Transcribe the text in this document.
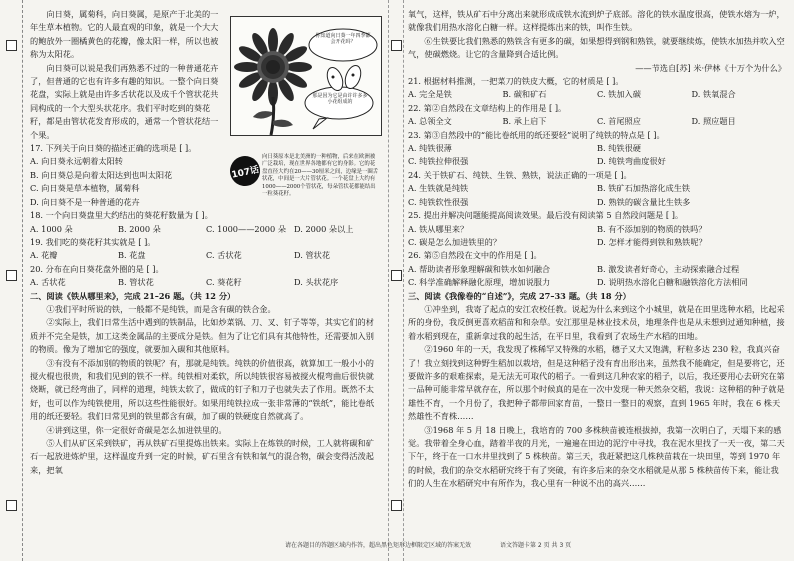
向日葵，属菊科，向日葵属，是原产于北美的一年生草本植物。它的人最直观的印象，就是一个大大的鲍放外一圈橘黄色的花瓣，像太阳一样，所以也被称为太阳花。

向日葵可以说是我们再熟悉不过的一种普通花卉了，但普通的它也有许多有趣的知识。一整个向日葵花盘，实际上就是由许多舌状花以及成千个管状花共同构成的一个大型头状花序。我们平时吃到的葵花籽，都是由管状花发育形成的，通常一个管状花结一个果。

17. 下列关于向日葵的描述正确的选项是 [ ]。

A. 向日葵永远朝着太阳转

B. 向日葵总是向着太阳达到也叫太阳花

C. 向日葵是草本植物，属菊科

D. 向日葵不是一种普通的花卉

18. 一个向日葵盘里大约结出的葵花籽数量为 [ ]。

A. 1000 朵	B. 2000 朵	C. 1000——2000 朵 D. 2000 朵以上

19. 我们吃的葵花籽其实就是 [ ]。

A. 花瓣	B. 花盘	C. 舌状花	D. 管状花

20. 分布在向日葵花盘外圈的是 [ ]。

A. 舌状花	B. 管状花	C. 葵花籽	D. 头状花序

二、阅读《铁从哪里来》，完成 21–26 题。（共 12 分）

①我们平时所说的铁，一般都不是纯铁，而是含有碳的铁合金。

②实际上，我们日常生活中遇到的铁制品，比如炒菜锅、刀、叉、钉子等等，其实它们的材质并不完全是铁，加工这类金属品的主要成分是铁。但为了让它们具有其他特性，还需要加入别的物质。像为了增加它的强度，就要加入碳和其他原料。

③有没有不添加别的物质的铁呢？有，那就是纯铁。纯铁的价值很高，就算加工一般小小的搅火棍也很贵，和我们见到的铁不一样。纯铁相对柔软，所以纯铁很容易被搅火棍弯曲后很快就烧断，就已经弯曲了，同样的道理，纯铁太软了，做成的钉子和刀子也就失去了作用。既然不太好，也可以作为纯铁使用，所以这些性能很好。如果用纯铁拉成一张非常薄的“铁纸”，能比卷纸用的纸还要轻。我们日常见到的铁里都含有碳，加了碳的铁硬度自然就高了。

④讲到这里，你一定很好奇碳是怎么加进铁里的。

⑤人们从矿区采到铁矿，再从铁矿石里提炼出铁来。实际上在炼铁的时候，工人就将碳和矿石一起放进炼炉里，这样温度升到一定的时候，矿石里含有铁和氧气的混合物，碳会变得活泼起来，把氧

你知道向日葵一年四季都会开花吗？
那是因为它是由许许多多小花组成的
107话
向日葵原本是北美洲的一种植物，后来在欧洲被广泛栽培，现在世界各地都有它的身影。它的花盘直径大约在20——30厘米之间，边缘是一圈舌状花，中间是一大片管状花。一个花盘上大约有1000——2000个管状花，每朵管状花都能结出一粒葵花籽。

氧气，这样，铁从矿石中分离出来就形成成铁水流到炉子底部。溶化的铁水温度很高，使铁水熔为一炉，就像我们用热水溶化白糖一样。这样提炼出来的铁，叫作生铁。

⑥生铁要比我们熟悉的熟铁含有更多的碳，如果想得到钢和熟铁，就要继续炼，使铁水加热并吹入空气，使碳燃烧。让它的含量降到合适比例。

——节选自[苏] 米·伊林《十万个为什么》

21. 根据材料推测，一把菜刀的铁皮大概，它的材质是 [ ]。

A. 完全是铁	B. 碳和矿石	C. 铁加入碳	D. 铁氧混合

22. 第②自然段在文章结构上的作用是 [ ]。

A. 总领全文	B. 承上启下	C. 首尾照应	D. 照应题目

23. 第③自然段中的“能比卷纸用的纸还要轻”说明了纯铁的特点是 [ ]。

A. 纯铁很薄	B. 纯铁很硬
C. 纯铁拉伸很强	D. 纯铁弯曲度很好

24. 关于铁矿石、纯铁、生铁、熟铁，说法正确的一项是 [ ]。

A. 生铁就是纯铁	B. 铁矿石加热溶化成生铁
C. 纯铁软性很强	D. 熟铁的碳含量比生铁多

25. 提出并解决问题能提高阅读效果。最后没有阅读第 5 自然段问题是 [ ]。

A. 铁从哪里来？	B. 有不添加别的物质的铁吗？
C. 碳是怎么加进铁里的？	D. 怎样才能得到铁和熟铁呢？

26. 第⑤自然段在文中的作用是 [ ]。

A. 帮助读者形象理解碳和铁水如何融合	B. 激发读者好奇心，主动探索融合过程
C. 科学准确解释融化原理，增加说服力	D. 说明热水溶化白糖和融铁溶化方法相同

三、阅读《我像卷的“自述”》，完成 27–33 题。（共 18 分）

①冲坐到，我寄了起点的安江农校任教。说起为什么来到这个小城里，就是在田里选种水稻，比起采所的身份，我反倒更喜欢稻苗和和杂草。安江那里是林业技术员，地理条件也是从未想到过通知种植，接着水稻到现在，重新拿过我的起生活，在平日里，我看到了农场生产水稻的田地。

②1960 年的一天，我发现了株稀罕又特殊的水稻，穗子又大又饱满，籽粒多达 230 粒，我真兴奋了！我立刻找到这种野生稻加以栽培，但是这种稻子没有育出形出来，虽然我不能确定，但是要将它，还要做许多的艰难探索，是无法无可取代的稻子。一看到这几种农家的稻子，以后，我还要用心去研究在第一品种可能非常早就存在，所以那个时候真的是在一次中发现一种天然杂交稻，我说：这种稻的种子就是雄性不育，一个月份了，我把种子都带回家育苗，一整日一整日的观察，直到 1965 年时，我在 6 株天然雄性不育株……

③1968 年 5 月 18 日晚上，我培育的 700 多株秧苗被连根拔掉，我第一次明白了，天塌下来的感觉。我带着全身心血，踏着半夜的月光，一遍遍在田边的泥泞中寻找，我在泥水里找了一天一夜，第二天下午，终于在一口水井里找到了 5 株秧苗。第三天，我赶紧把这几株秧苗栽在一块田里，等到 1970 年的时候，我们的杂交水稻研究终于有了突破，有许多后来的杂交水稻就是从那 5 株秧苗传下来，能让我们的人生在水稻研究中有所作为，我心里有一种说不出的高兴……

请在各题目的答题区域内作答，超出黑色矩形边框限定区域的答案无效	语文答题卡第 2 页 共 3 页
